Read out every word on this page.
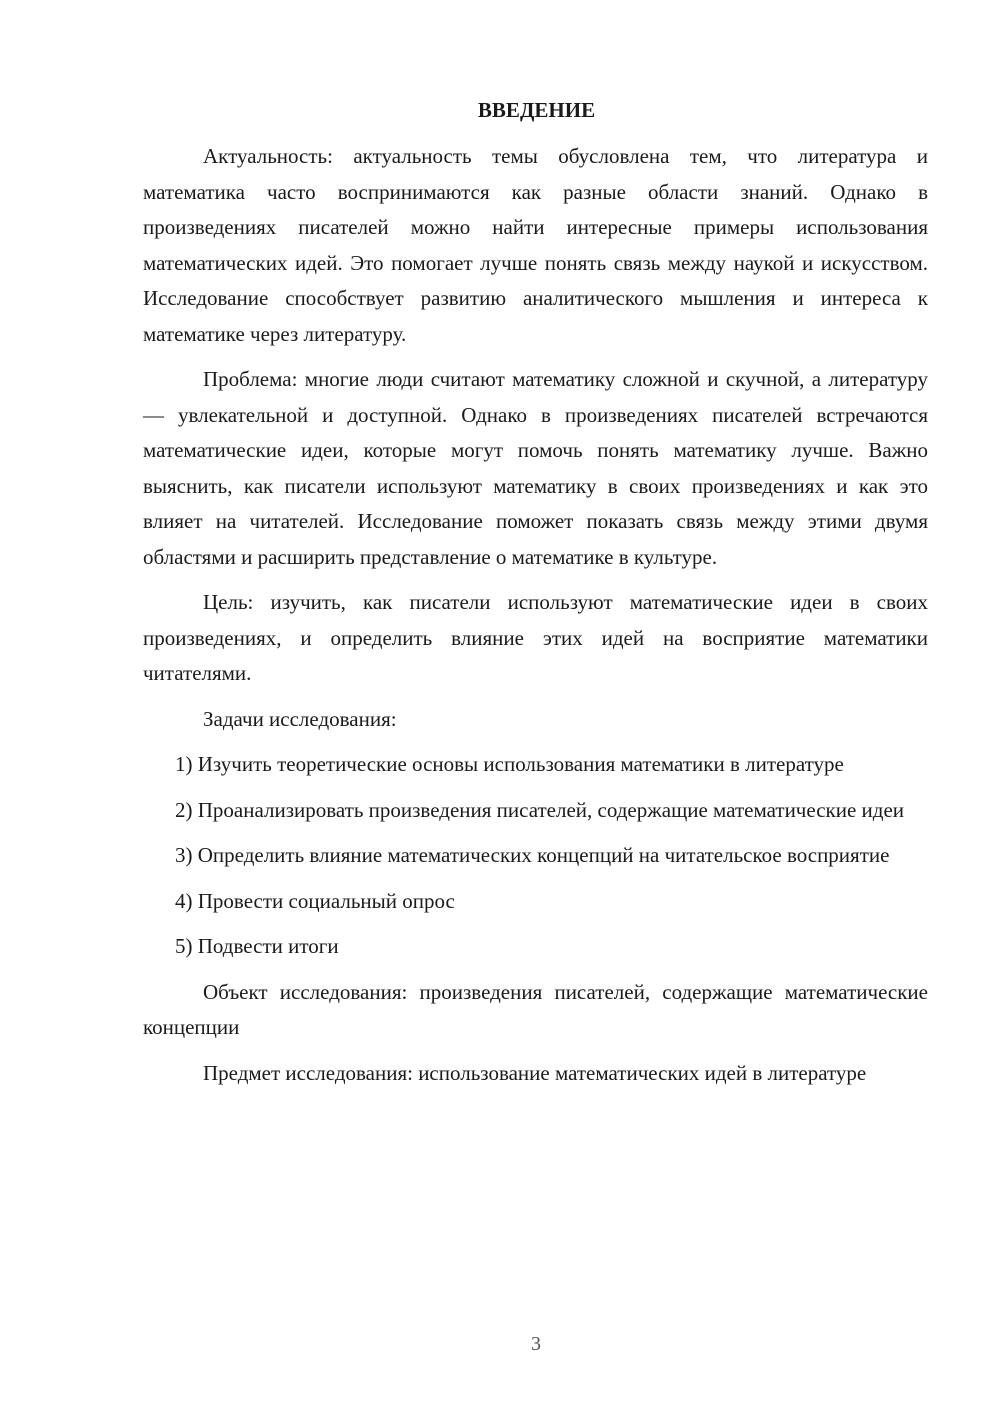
ВВЕДЕНИЕ

Актуальность: актуальность темы обусловлена тем, что литература и математика часто воспринимаются как разные области знаний. Однако в произведениях писателей можно найти интересные примеры использования математических идей. Это помогает лучше понять связь между наукой и искусством. Исследование способствует развитию аналитического мышления и интереса к математике через литературу.

Проблема: многие люди считают математику сложной и скучной, а литературу — увлекательной и доступной. Однако в произведениях писателей встречаются математические идеи, которые могут помочь понять математику лучше. Важно выяснить, как писатели используют математику в своих произведениях и как это влияет на читателей. Исследование поможет показать связь между этими двумя областями и расширить представление о математике в культуре.

Цель: изучить, как писатели используют математические идеи в своих произведениях, и определить влияние этих идей на восприятие математики читателями.

Задачи исследования:

1) Изучить теоретические основы использования математики в литературе

2) Проанализировать произведения писателей, содержащие математические идеи

3) Определить влияние математических концепций на читательское восприятие

4) Провести социальный опрос

5) Подвести итоги

Объект исследования: произведения писателей, содержащие математические концепции

Предмет исследования: использование математических идей в литературе

3
